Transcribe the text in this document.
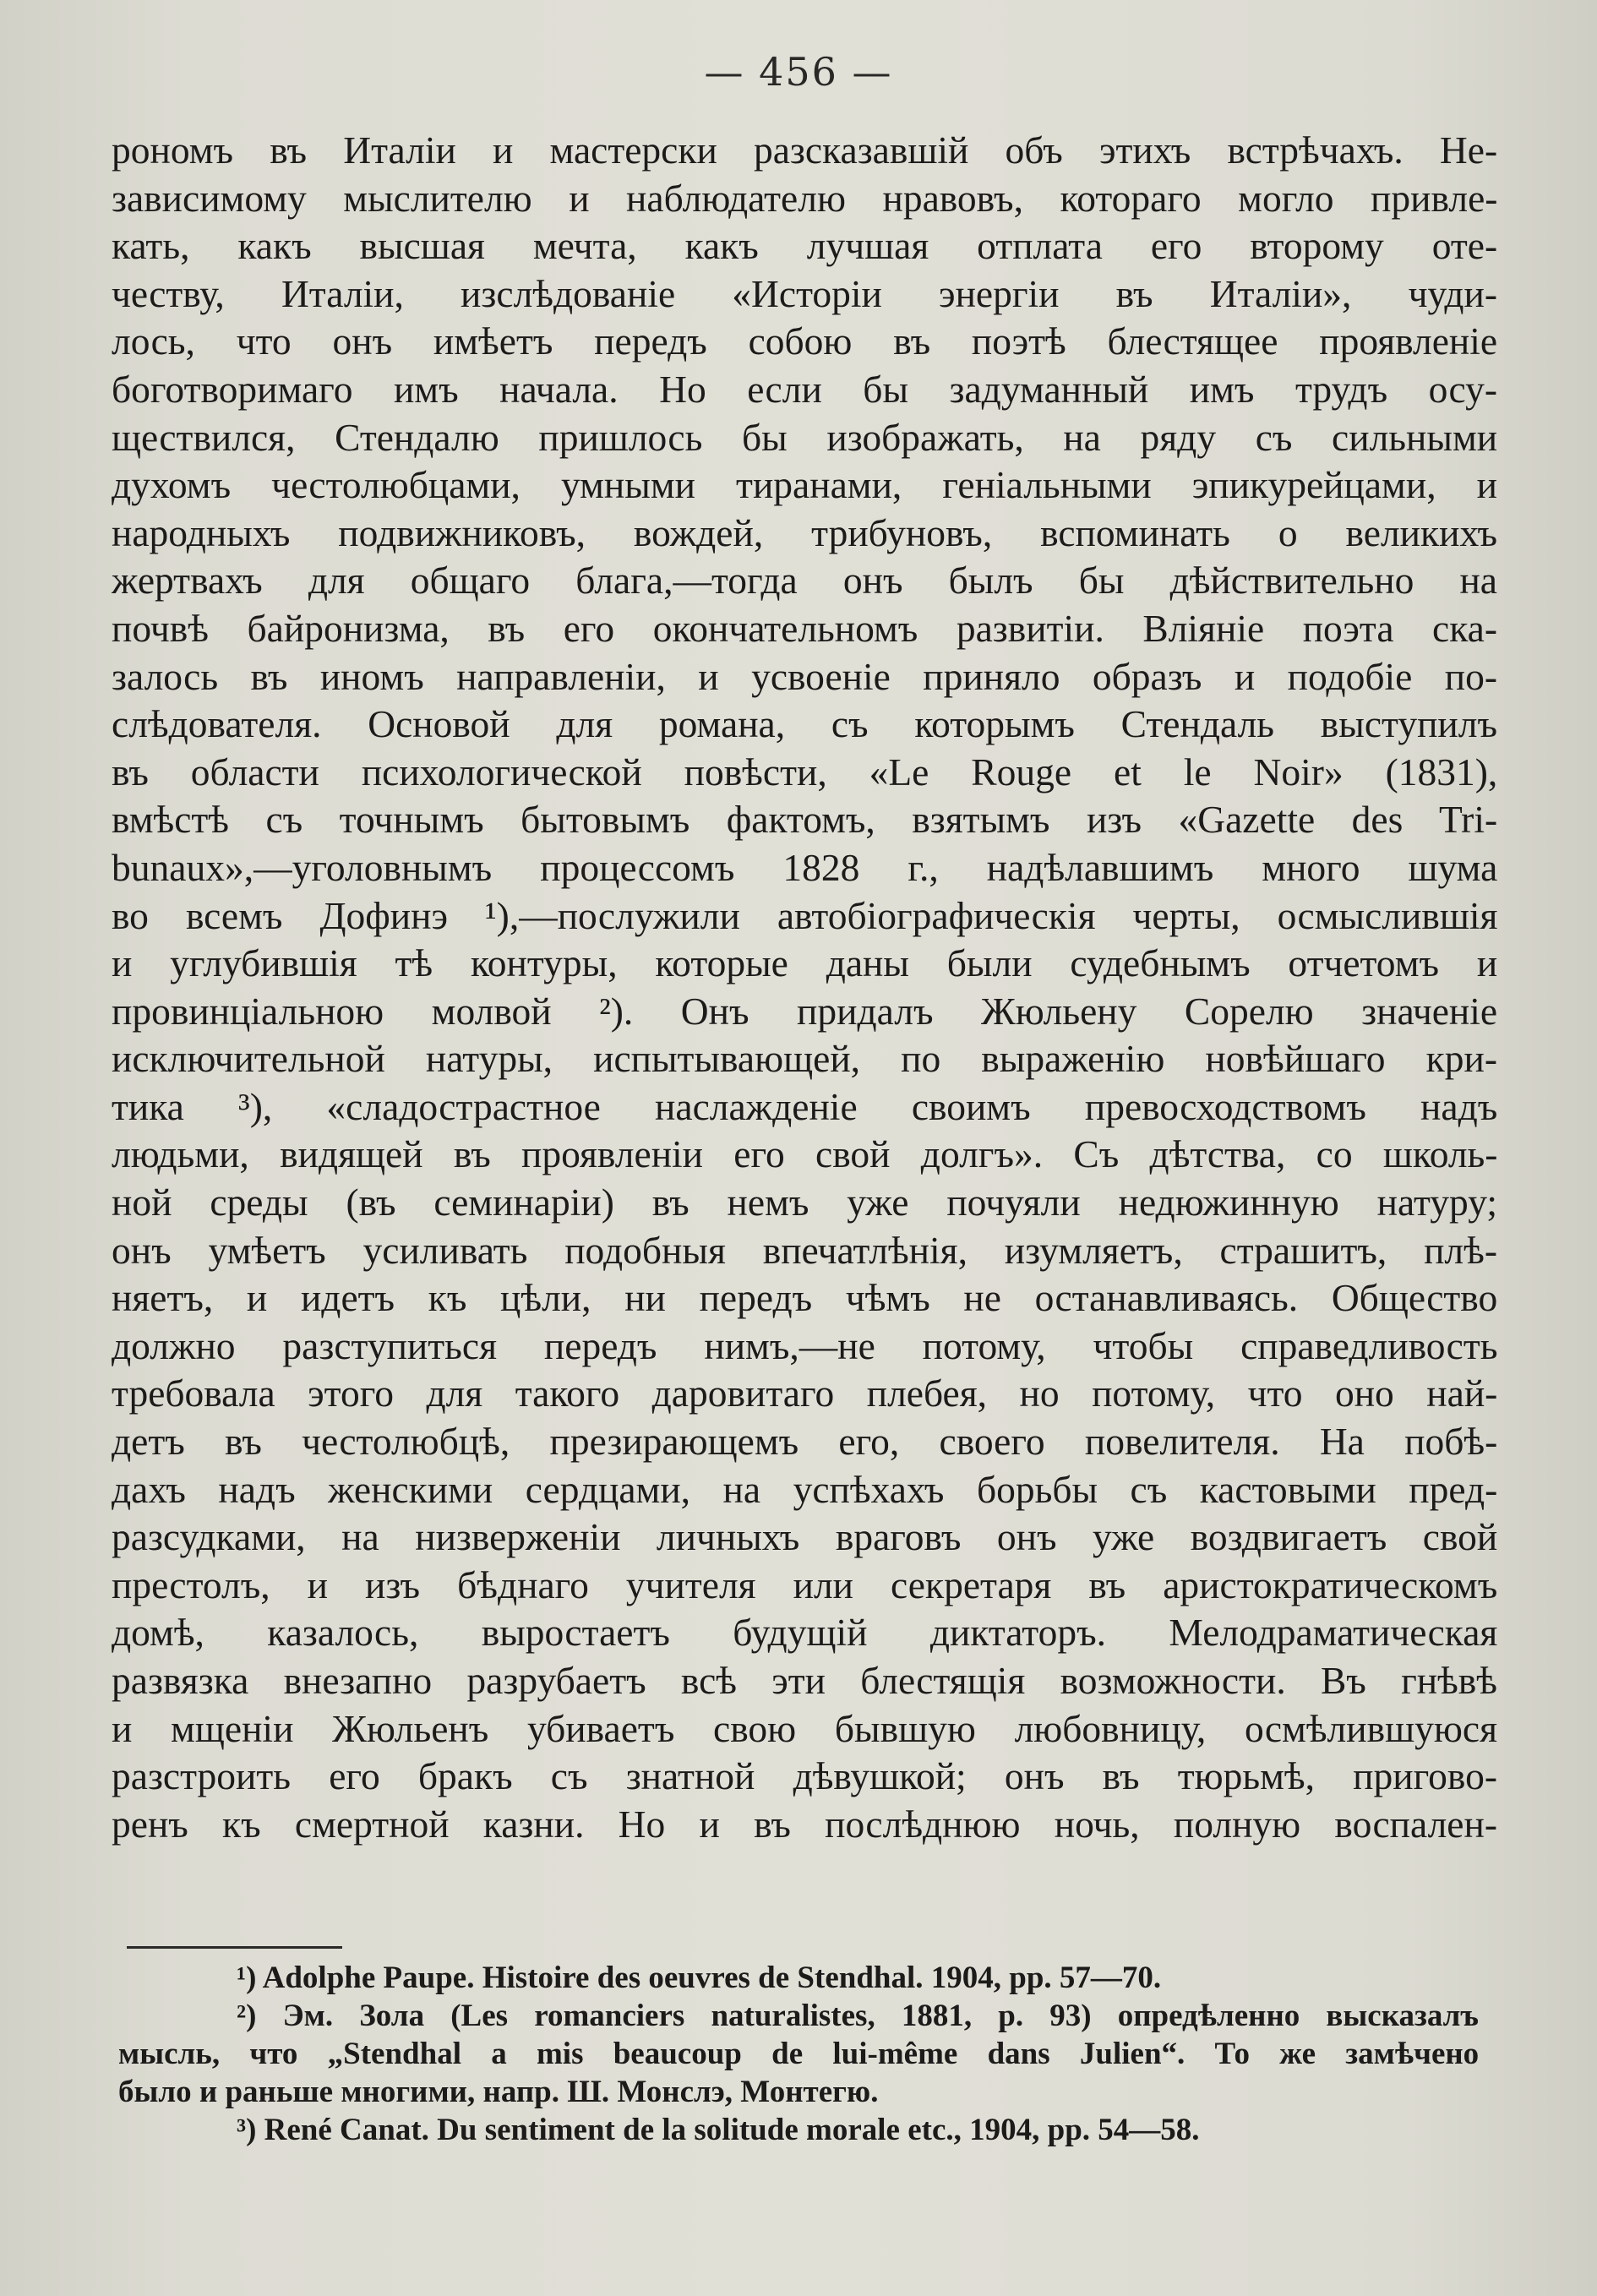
— 456 —
рономъ въ Италіи и мастерски разсказавшій объ этихъ встрѣчахъ. Не-
зависимому мыслителю и наблюдателю нравовъ, котораго могло привле-
кать, какъ высшая мечта, какъ лучшая отплата его второму оте-
честву, Италіи, изслѣдованіе «Исторіи энергіи въ Италіи», чуди-
лось, что онъ имѣетъ передъ собою въ поэтѣ блестящее проявленіе
боготворимаго имъ начала. Но если бы задуманный имъ трудъ осу-
ществился, Стендалю пришлось бы изображать, на ряду съ сильными
духомъ честолюбцами, умными тиранами, геніальными эпикурейцами, и
народныхъ подвижниковъ, вождей, трибуновъ, вспоминать о великихъ
жертвахъ для общаго блага,—тогда онъ былъ бы дѣйствительно на
почвѣ байронизма, въ его окончательномъ развитіи. Вліяніе поэта ска-
залось въ иномъ направленіи, и усвоеніе приняло образъ и подобіе по-
слѣдователя. Основой для романа, съ которымъ Стендаль выступилъ
въ области психологической повѣсти, «Le Rouge et le Noir» (1831),
вмѣстѣ съ точнымъ бытовымъ фактомъ, взятымъ изъ «Gazette des Tri-
bunaux»,—уголовнымъ процессомъ 1828 г., надѣлавшимъ много шума
во всемъ Дофинэ ¹),—послужили автобіографическія черты, осмыслившія
и углубившія тѣ контуры, которые даны были судебнымъ отчетомъ и
провинціальною молвой ²). Онъ придалъ Жюльену Сорелю значеніе
исключительной натуры, испытывающей, по выраженію новѣйшаго кри-
тика ³), «сладострастное наслажденіе своимъ превосходствомъ надъ
людьми, видящей въ проявленіи его свой долгъ». Съ дѣтства, со школь-
ной среды (въ семинаріи) въ немъ уже почуяли недюжинную натуру;
онъ умѣетъ усиливать подобныя впечатлѣнія, изумляетъ, страшитъ, плѣ-
няетъ, и идетъ къ цѣли, ни передъ чѣмъ не останавливаясь. Общество
должно разступиться передъ нимъ,—не потому, чтобы справедливость
требовала этого для такого даровитаго плебея, но потому, что оно най-
детъ въ честолюбцѣ, презирающемъ его, своего повелителя. На побѣ-
дахъ надъ женскими сердцами, на успѣхахъ борьбы съ кастовыми пред-
разсудками, на низверженіи личныхъ враговъ онъ уже воздвигаетъ свой
престолъ, и изъ бѣднаго учителя или секретаря въ аристократическомъ
домѣ, казалось, выростаетъ будущій диктаторъ. Мелодраматическая
развязка внезапно разрубаетъ всѣ эти блестящія возможности. Въ гнѣвѣ
и мщеніи Жюльенъ убиваетъ свою бывшую любовницу, осмѣлившуюся
разстроить его бракъ съ знатной дѣвушкой; онъ въ тюрьмѣ, пригово-
ренъ къ смертной казни. Но и въ послѣднюю ночь, полную воспален-
¹) Adolphe Paupe. Histoire des oeuvres de Stendhal. 1904, pp. 57—70.
²) Эм. Зола (Les romanciers naturalistes, 1881, p. 93) опредѣленно высказалъ
мысль, что „Stendhal a mis beaucoup de lui-même dans Julien“. То же замѣчено
было и раньше многими, напр. Ш. Монслэ, Монтегю.
³) René Canat. Du sentiment de la solitude morale etc., 1904, pp. 54—58.
